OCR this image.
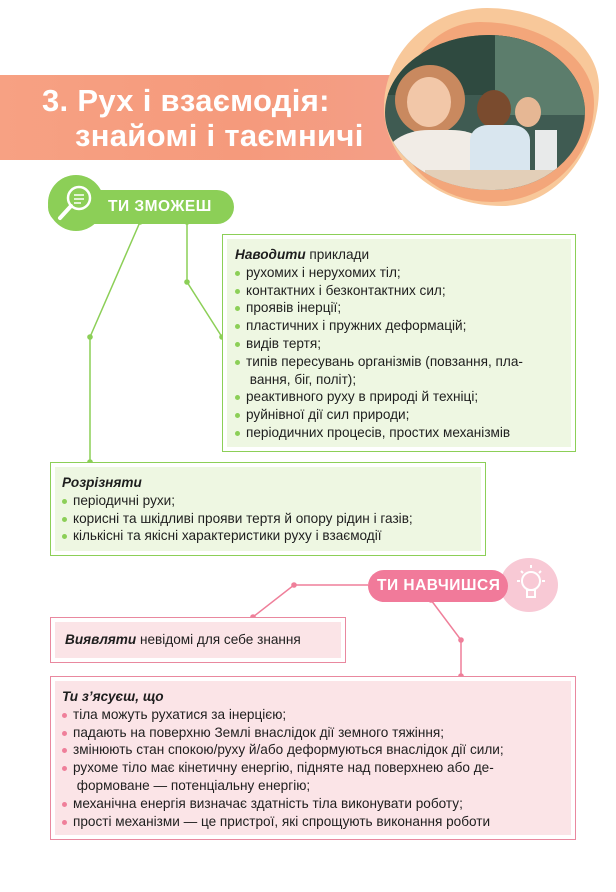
3. Рух і взаємодія:
знайомі і таємничі
ТИ ЗМОЖЕШ
Наводити приклади
рухомих і нерухомих тіл;
контактних і безконтактних сил;
проявів інерції;
пластичних і пружних деформацій;
видів тертя;
типів пересувань організмів (повзання, пла- вання, біг, політ);
реактивного руху в природі й техніці;
руйнівної дії сил природи;
періодичних процесів, простих механізмів
Розрізняти
періодичні рухи;
корисні та шкідливі прояви тертя й опору рідин і газів;
кількісні та якісні характеристики руху і взаємодії
ТИ НАВЧИШСЯ
Виявляти невідомі для себе знання
Ти з’ясуєш, що
тіла можуть рухатися за інерцією;
падають на поверхню Землі внаслідок дії земного тяжіння;
змінюють стан спокою/руху й/або деформуються внаслідок дії сили;
рухоме тіло має кінетичну енергію, підняте над поверхнею або де- формоване — потенціальну енергію;
механічна енергія визначає здатність тіла виконувати роботу;
прості механізми — це пристрої, які спрощують виконання роботи
